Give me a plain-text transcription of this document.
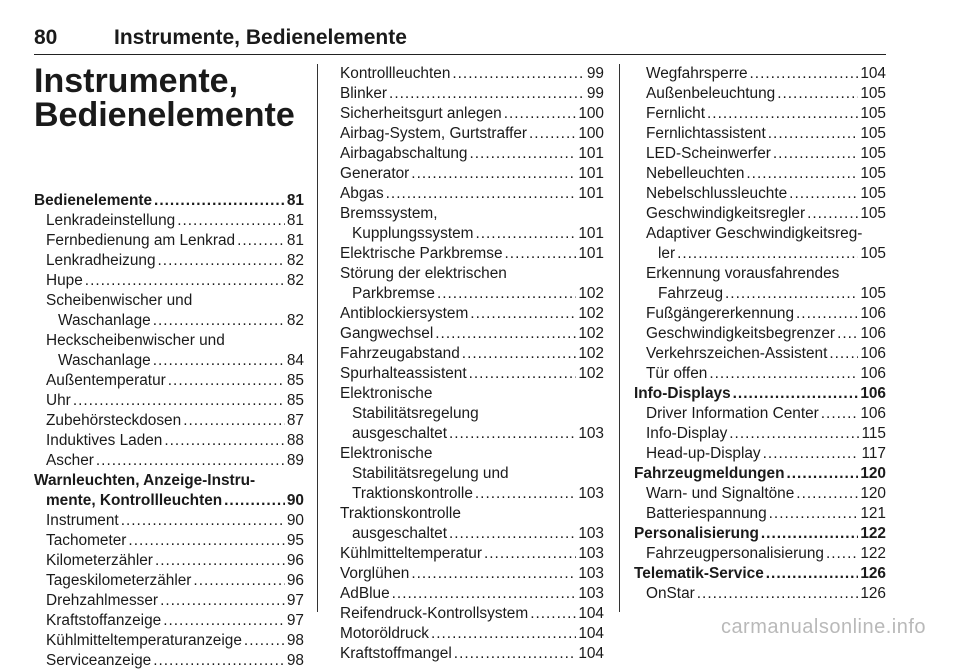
80	Instrumente, Bedienelemente
Instrumente,
Bedienelemente
Bedienelemente .....	81
Lenkradeinstellung .....	81
Fernbedienung am Lenkrad .....	81
Lenkradheizung .....	82
Hupe .....	82
Scheibenwischer und
Waschanlage .....	82
Heckscheibenwischer und
Waschanlage .....	84
Außentemperatur .....	85
Uhr .....	85
Zubehörsteckdosen .....	87
Induktives Laden .....	88
Ascher .....	89
Warnleuchten, Anzeige-Instru-
mente, Kontrollleuchten .....	90
Instrument .....	90
Tachometer .....	95
Kilometerzähler .....	96
Tageskilometerzähler .....	96
Drehzahlmesser .....	97
Kraftstoffanzeige .....	97
Kühlmitteltemperaturanzeige .....	98
Serviceanzeige .....	98
Kontrollleuchten .....	99
Blinker .....	99
Sicherheitsgurt anlegen .....	100
Airbag-System, Gurtstraffer .....	100
Airbagabschaltung .....	101
Generator .....	101
Abgas .....	101
Bremssystem,
Kupplungssystem .....	101
Elektrische Parkbremse .....	101
Störung der elektrischen
Parkbremse .....	102
Antiblockiersystem .....	102
Gangwechsel .....	102
Fahrzeugabstand .....	102
Spurhalteassistent .....	102
Elektronische
Stabilitätsregelung
ausgeschaltet .....	103
Elektronische
Stabilitätsregelung und
Traktionskontrolle .....	103
Traktionskontrolle
ausgeschaltet .....	103
Kühlmitteltemperatur .....	103
Vorglühen .....	103
AdBlue .....	103
Reifendruck-Kontrollsystem .....	104
Motoröldruck .....	104
Kraftstoffmangel .....	104
Wegfahrsperre .....	104
Außenbeleuchtung .....	105
Fernlicht .....	105
Fernlichtassistent .....	105
LED-Scheinwerfer .....	105
Nebelleuchten .....	105
Nebelschlussleuchte .....	105
Geschwindigkeitsregler .....	105
Adaptiver Geschwindigkeitsreg-
ler .....	105
Erkennung vorausfahrendes
Fahrzeug .....	105
Fußgängererkennung .....	106
Geschwindigkeitsbegrenzer ..... 106
Verkehrszeichen-Assistent ..... 106
Tür offen .....	106
Info-Displays .....	106
Driver Information Center .....	106
Info-Display .....	115
Head-up-Display .....	117
Fahrzeugmeldungen .....	120
Warn- und Signaltöne .....	120
Batteriespannung .....	121
Personalisierung .....	122
Fahrzeugpersonalisierung ..... 122
Telematik-Service .....	126
OnStar .....	126
carmanualsonline.info
